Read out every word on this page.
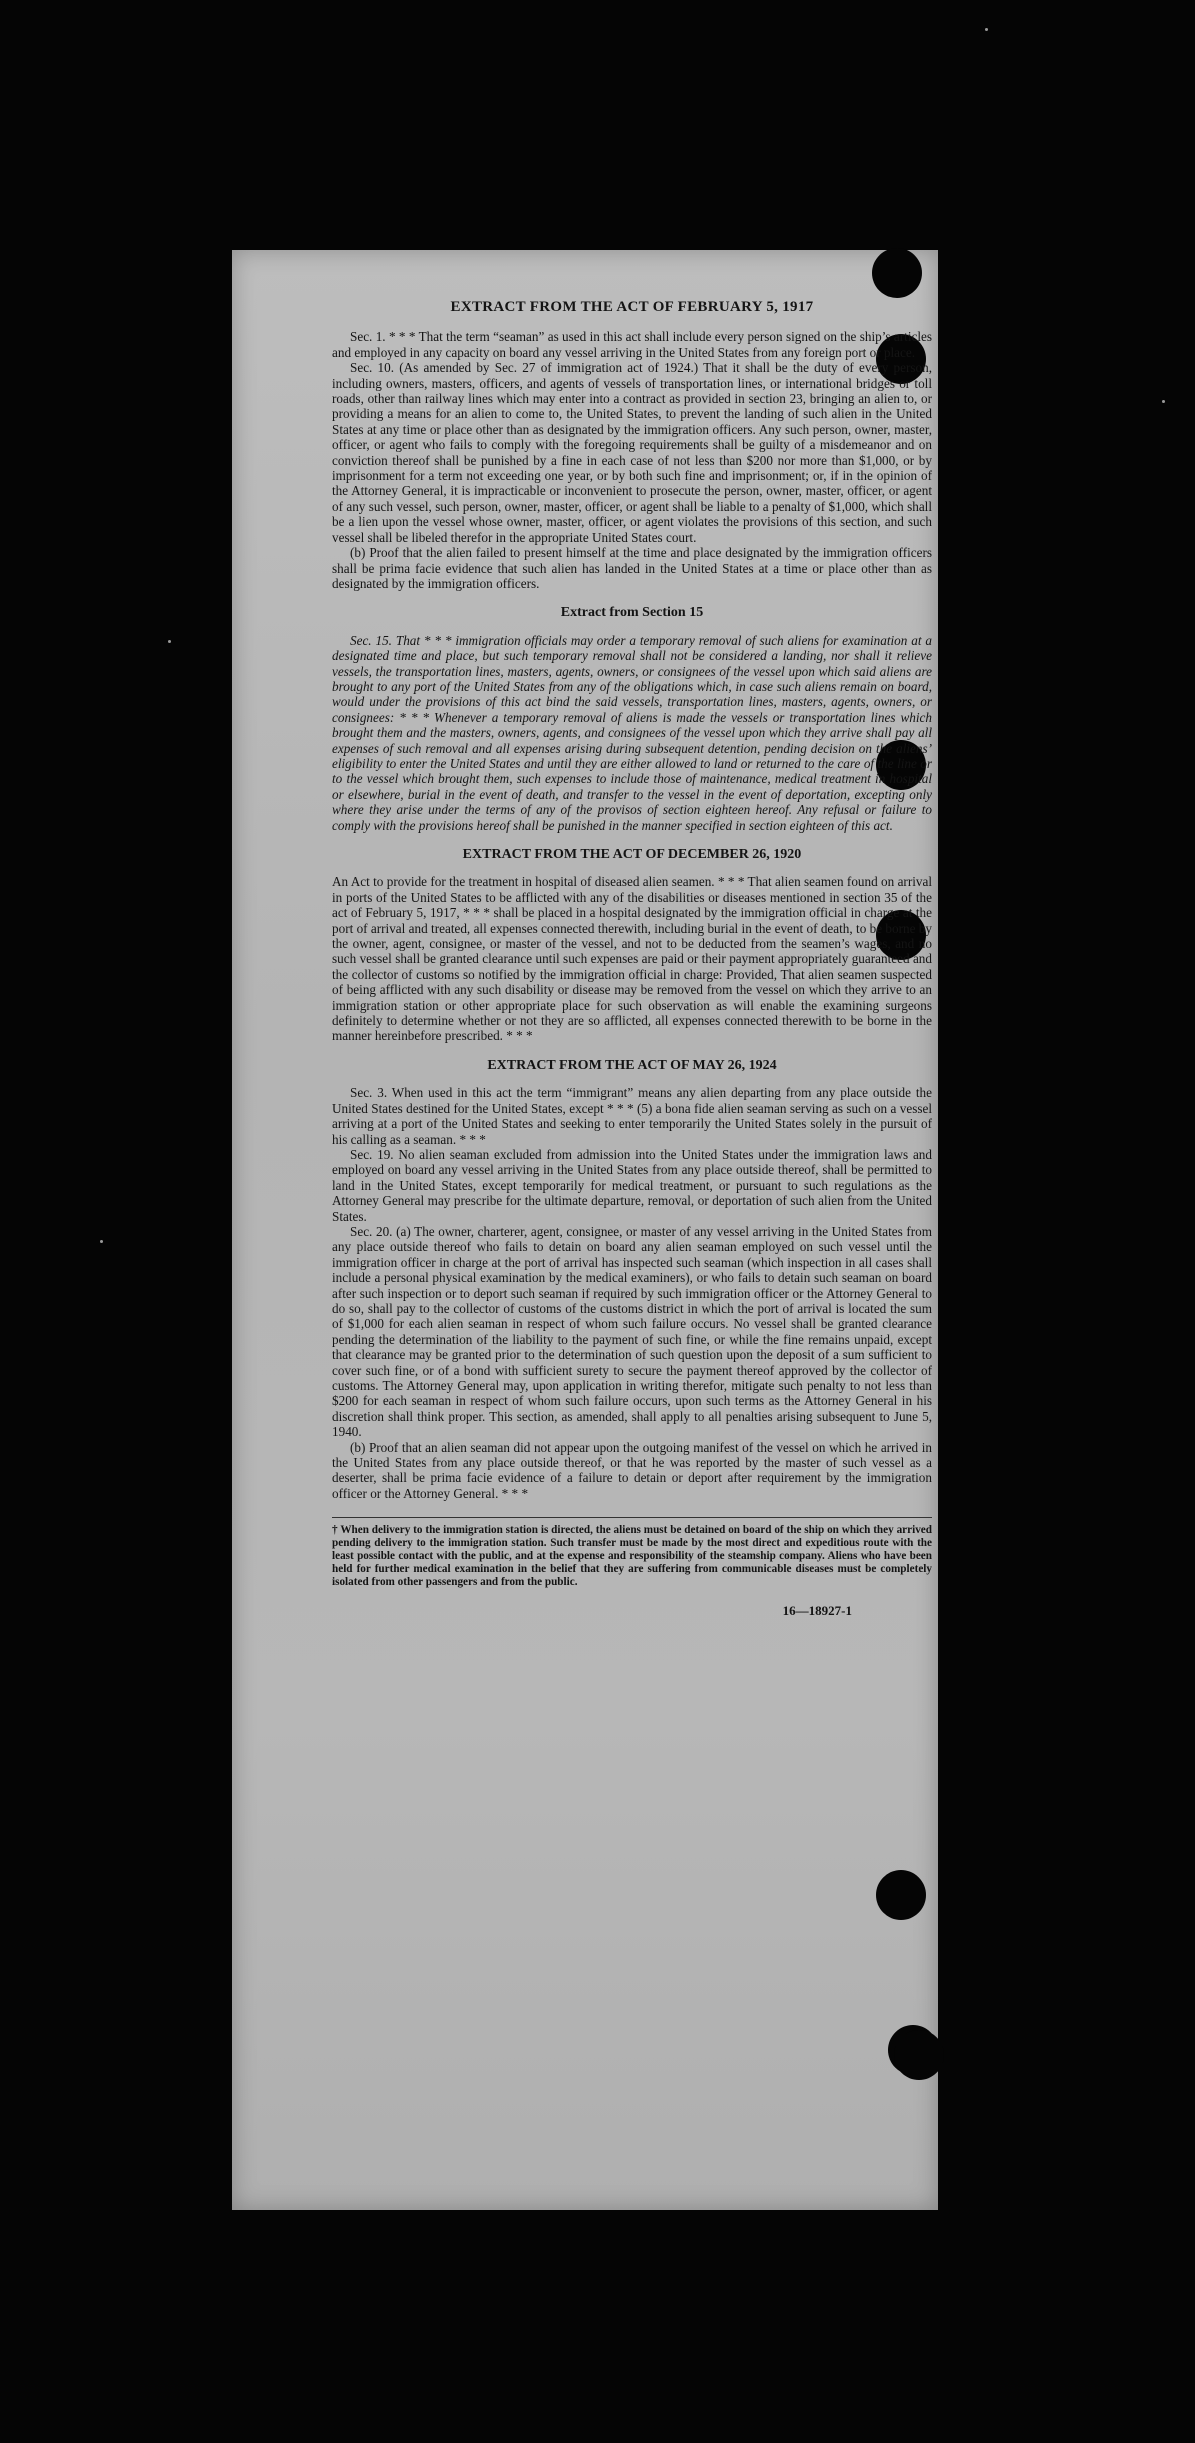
EXTRACT FROM THE ACT OF FEBRUARY 5, 1917

Sec. 1. * * * That the term “seaman” as used in this act shall include every person signed on the ship’s articles and employed in any capacity on board any vessel arriving in the United States from any foreign port or place.

Sec. 10. (As amended by Sec. 27 of immigration act of 1924.) That it shall be the duty of every person, including owners, masters, officers, and agents of vessels of transportation lines, or international bridges or toll roads, other than railway lines which may enter into a contract as provided in section 23, bringing an alien to, or providing a means for an alien to come to, the United States, to prevent the landing of such alien in the United States at any time or place other than as designated by the immigration officers. Any such person, owner, master, officer, or agent who fails to comply with the foregoing requirements shall be guilty of a misdemeanor and on conviction thereof shall be punished by a fine in each case of not less than $200 nor more than $1,000, or by imprisonment for a term not exceeding one year, or by both such fine and imprisonment; or, if in the opinion of the Attorney General, it is impracticable or inconvenient to prosecute the person, owner, master, officer, or agent of any such vessel, such person, owner, master, officer, or agent shall be liable to a penalty of $1,000, which shall be a lien upon the vessel whose owner, master, officer, or agent violates the provisions of this section, and such vessel shall be libeled therefor in the appropriate United States court.

(b) Proof that the alien failed to present himself at the time and place designated by the immigration officers shall be prima facie evidence that such alien has landed in the United States at a time or place other than as designated by the immigration officers.

Extract from Section 15

Sec. 15. That * * * immigration officials may order a temporary removal of such aliens for examination at a designated time and place, but such temporary removal shall not be considered a landing, nor shall it relieve vessels, the transportation lines, masters, agents, owners, or consignees of the vessel upon which said aliens are brought to any port of the United States from any of the obligations which, in case such aliens remain on board, would under the provisions of this act bind the said vessels, transportation lines, masters, agents, owners, or consignees: * * * Whenever a temporary removal of aliens is made the vessels or transportation lines which brought them and the masters, owners, agents, and consignees of the vessel upon which they arrive shall pay all expenses of such removal and all expenses arising during subsequent detention, pending decision on the aliens’ eligibility to enter the United States and until they are either allowed to land or returned to the care of the line or to the vessel which brought them, such expenses to include those of maintenance, medical treatment in hospital or elsewhere, burial in the event of death, and transfer to the vessel in the event of deportation, excepting only where they arise under the terms of any of the provisos of section eighteen hereof. Any refusal or failure to comply with the provisions hereof shall be punished in the manner specified in section eighteen of this act.

EXTRACT FROM THE ACT OF DECEMBER 26, 1920

An Act to provide for the treatment in hospital of diseased alien seamen. * * * That alien seamen found on arrival in ports of the United States to be afflicted with any of the disabilities or diseases mentioned in section 35 of the act of February 5, 1917, * * * shall be placed in a hospital designated by the immigration official in charge at the port of arrival and treated, all expenses connected therewith, including burial in the event of death, to be borne by the owner, agent, consignee, or master of the vessel, and not to be deducted from the seamen’s wages, and no such vessel shall be granted clearance until such expenses are paid or their payment appropriately guaranteed and the collector of customs so notified by the immigration official in charge: Provided, That alien seamen suspected of being afflicted with any such disability or disease may be removed from the vessel on which they arrive to an immigration station or other appropriate place for such observation as will enable the examining surgeons definitely to determine whether or not they are so afflicted, all expenses connected therewith to be borne in the manner hereinbefore prescribed. * * *

EXTRACT FROM THE ACT OF MAY 26, 1924

Sec. 3. When used in this act the term “immigrant” means any alien departing from any place outside the United States destined for the United States, except * * * (5) a bona fide alien seaman serving as such on a vessel arriving at a port of the United States and seeking to enter temporarily the United States solely in the pursuit of his calling as a seaman. * * *

Sec. 19. No alien seaman excluded from admission into the United States under the immigration laws and employed on board any vessel arriving in the United States from any place outside thereof, shall be permitted to land in the United States, except temporarily for medical treatment, or pursuant to such regulations as the Attorney General may prescribe for the ultimate departure, removal, or deportation of such alien from the United States.

Sec. 20. (a) The owner, charterer, agent, consignee, or master of any vessel arriving in the United States from any place outside thereof who fails to detain on board any alien seaman employed on such vessel until the immigration officer in charge at the port of arrival has inspected such seaman (which inspection in all cases shall include a personal physical examination by the medical examiners), or who fails to detain such seaman on board after such inspection or to deport such seaman if required by such immigration officer or the Attorney General to do so, shall pay to the collector of customs of the customs district in which the port of arrival is located the sum of $1,000 for each alien seaman in respect of whom such failure occurs. No vessel shall be granted clearance pending the determination of the liability to the payment of such fine, or while the fine remains unpaid, except that clearance may be granted prior to the determination of such question upon the deposit of a sum sufficient to cover such fine, or of a bond with sufficient surety to secure the payment thereof approved by the collector of customs. The Attorney General may, upon application in writing therefor, mitigate such penalty to not less than $200 for each seaman in respect of whom such failure occurs, upon such terms as the Attorney General in his discretion shall think proper. This section, as amended, shall apply to all penalties arising subsequent to June 5, 1940.

(b) Proof that an alien seaman did not appear upon the outgoing manifest of the vessel on which he arrived in the United States from any place outside thereof, or that he was reported by the master of such vessel as a deserter, shall be prima facie evidence of a failure to detain or deport after requirement by the immigration officer or the Attorney General. * * *

† When delivery to the immigration station is directed, the aliens must be detained on board of the ship on which they arrived pending delivery to the immigration station. Such transfer must be made by the most direct and expeditious route with the least possible contact with the public, and at the expense and responsibility of the steamship company. Aliens who have been held for further medical examination in the belief that they are suffering from communicable diseases must be completely isolated from other passengers and from the public.
16—18927-1
